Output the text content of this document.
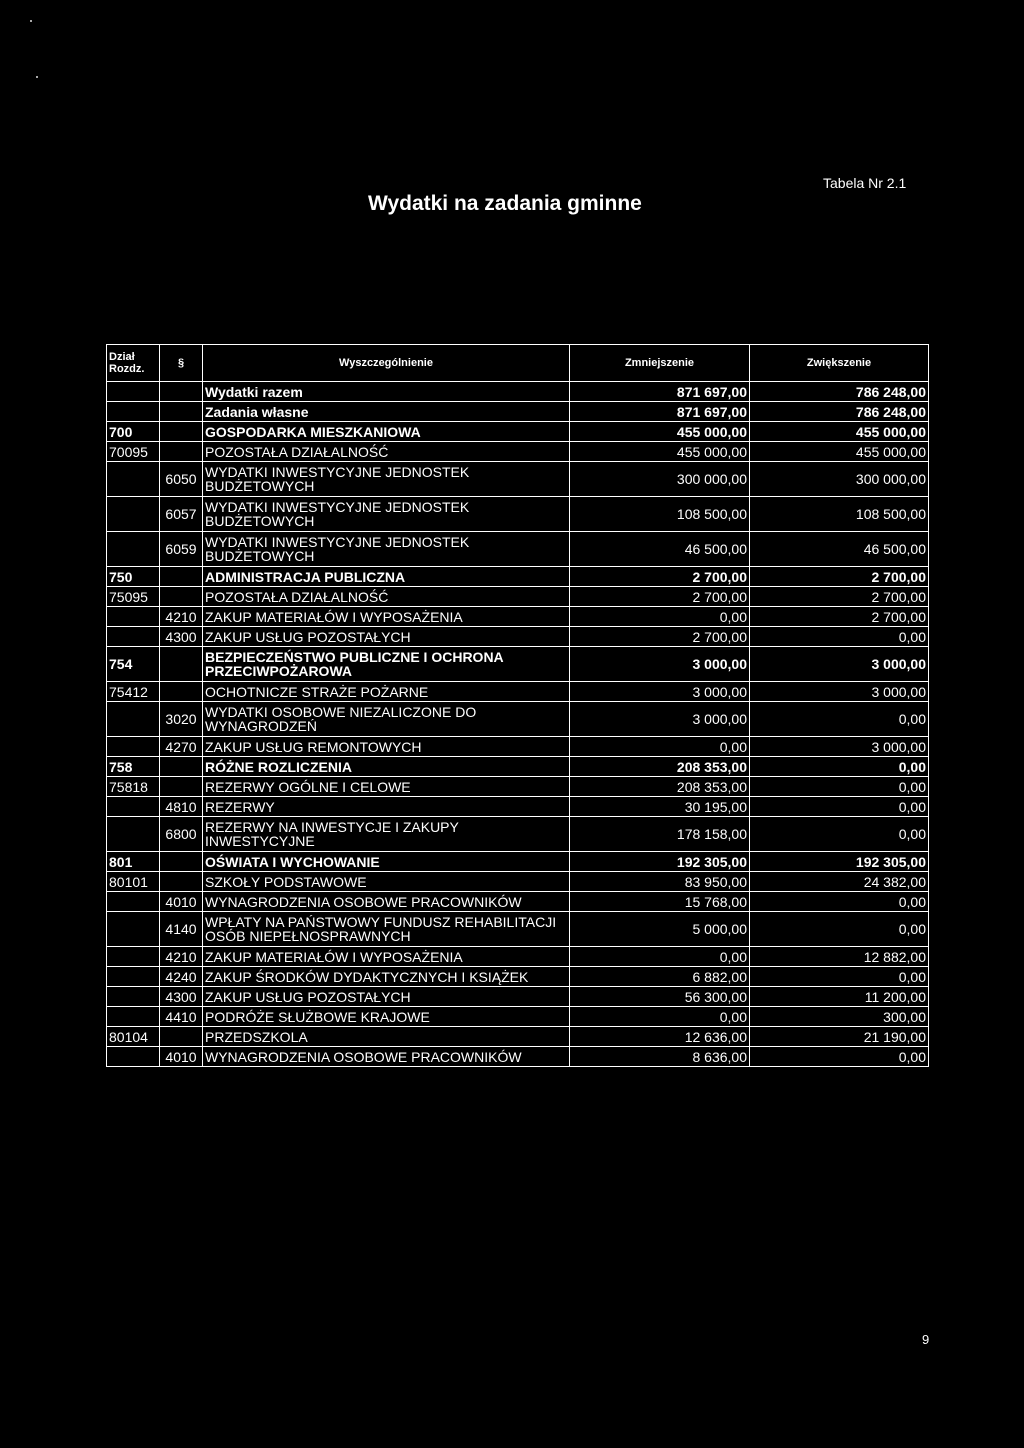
Tabela Nr 2.1
Wydatki na zadania gminne
Dział
Rozdz.	§	Wyszczególnienie	Zmniejszenie	Zwiększenie
		Wydatki razem	871 697,00	786 248,00
		Zadania własne	871 697,00	786 248,00
700		GOSPODARKA MIESZKANIOWA	455 000,00	455 000,00
70095		POZOSTAŁA DZIAŁALNOŚĆ	455 000,00	455 000,00
	6050	WYDATKI INWESTYCYJNE JEDNOSTEK BUDŻETOWYCH	300 000,00	300 000,00
	6057	WYDATKI INWESTYCYJNE JEDNOSTEK BUDŻETOWYCH	108 500,00	108 500,00
	6059	WYDATKI INWESTYCYJNE JEDNOSTEK BUDŻETOWYCH	46 500,00	46 500,00
750		ADMINISTRACJA PUBLICZNA	2 700,00	2 700,00
75095		POZOSTAŁA DZIAŁALNOŚĆ	2 700,00	2 700,00
	4210	ZAKUP MATERIAŁÓW I WYPOSAŻENIA	0,00	2 700,00
	4300	ZAKUP USŁUG POZOSTAŁYCH	2 700,00	0,00
754		BEZPIECZEŃSTWO PUBLICZNE I OCHRONA PRZECIWPOŻAROWA	3 000,00	3 000,00
75412		OCHOTNICZE STRAŻE POŻARNE	3 000,00	3 000,00
	3020	WYDATKI OSOBOWE NIEZALICZONE DO WYNAGRODZEŃ	3 000,00	0,00
	4270	ZAKUP USŁUG REMONTOWYCH	0,00	3 000,00
758		RÓŻNE ROZLICZENIA	208 353,00	0,00
75818		REZERWY OGÓLNE I CELOWE	208 353,00	0,00
	4810	REZERWY	30 195,00	0,00
	6800	REZERWY NA INWESTYCJE I ZAKUPY INWESTYCYJNE	178 158,00	0,00
801		OŚWIATA I WYCHOWANIE	192 305,00	192 305,00
80101		SZKOŁY PODSTAWOWE	83 950,00	24 382,00
	4010	WYNAGRODZENIA OSOBOWE PRACOWNIKÓW	15 768,00	0,00
	4140	WPŁATY NA PAŃSTWOWY FUNDUSZ REHABILITACJI OSÓB NIEPEŁNOSPRAWNYCH	5 000,00	0,00
	4210	ZAKUP MATERIAŁÓW I WYPOSAŻENIA	0,00	12 882,00
	4240	ZAKUP ŚRODKÓW DYDAKTYCZNYCH I KSIĄŻEK	6 882,00	0,00
	4300	ZAKUP USŁUG POZOSTAŁYCH	56 300,00	11 200,00
	4410	PODRÓŻE SŁUŻBOWE KRAJOWE	0,00	300,00
80104		PRZEDSZKOLA	12 636,00	21 190,00
	4010	WYNAGRODZENIA OSOBOWE PRACOWNIKÓW	8 636,00	0,00
9
